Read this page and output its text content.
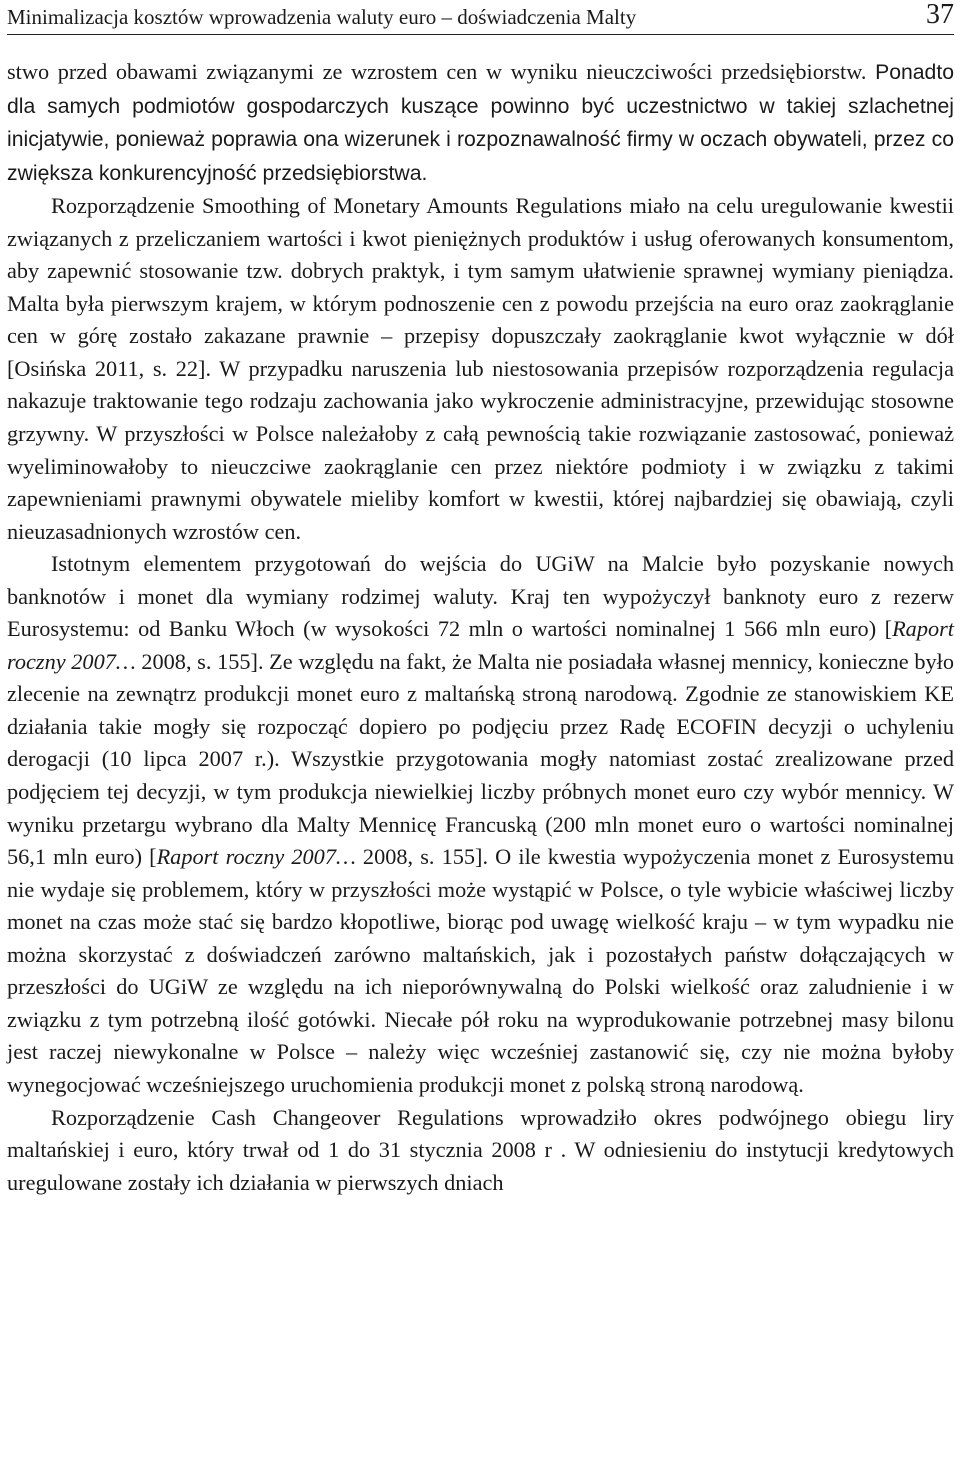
Minimalizacja kosztów wprowadzenia waluty euro – doświadczenia Malty	37

stwo przed obawami związanymi ze wzrostem cen w wyniku nieuczciwości przedsiębiorstw. Ponadto dla samych podmiotów gospodarczych kuszące powinno być uczestnictwo w takiej szlachetnej inicjatywie, ponieważ poprawia ona wizerunek i rozpoznawalność firmy w oczach obywateli, przez co zwiększa konkurencyjność przedsiębiorstwa.

Rozporządzenie Smoothing of Monetary Amounts Regulations miało na celu uregulowanie kwestii związanych z przeliczaniem wartości i kwot pieniężnych produktów i usług oferowanych konsumentom, aby zapewnić stosowanie tzw. dobrych praktyk, i tym samym ułatwienie sprawnej wymiany pieniądza. Malta była pierwszym krajem, w którym podnoszenie cen z powodu przejścia na euro oraz zaokrąglanie cen w górę zostało zakazane prawnie – przepisy dopuszczały zaokrąglanie kwot wyłącznie w dół [Osińska 2011, s. 22]. W przypadku naruszenia lub niestosowania przepisów rozporządzenia regulacja nakazuje traktowanie tego rodzaju zachowania jako wykroczenie administracyjne, przewidując stosowne grzywny. W przyszłości w Polsce należałoby z całą pewnością takie rozwiązanie zastosować, ponieważ wyeliminowałoby to nieuczciwe zaokrąglanie cen przez niektóre podmioty i w związku z takimi zapewnieniami prawnymi obywatele mieliby komfort w kwestii, której najbardziej się obawiają, czyli nieuzasadnionych wzrostów cen.

Istotnym elementem przygotowań do wejścia do UGiW na Malcie było pozyskanie nowych banknotów i monet dla wymiany rodzimej waluty. Kraj ten wypożyczył banknoty euro z rezerw Eurosystemu: od Banku Włoch (w wysokości 72 mln o wartości nominalnej 1 566 mln euro) [Raport roczny 2007… 2008, s. 155]. Ze względu na fakt, że Malta nie posiadała własnej mennicy, konieczne było zlecenie na zewnątrz produkcji monet euro z maltańską stroną narodową. Zgodnie ze stanowiskiem KE działania takie mogły się rozpocząć dopiero po podjęciu przez Radę ECOFIN decyzji o uchyleniu derogacji (10 lipca 2007 r.). Wszystkie przygotowania mogły natomiast zostać zrealizowane przed podjęciem tej decyzji, w tym produkcja niewielkiej liczby próbnych monet euro czy wybór mennicy. W wyniku przetargu wybrano dla Malty Mennicę Francuską (200 mln monet euro o wartości nominalnej 56,1 mln euro) [Raport roczny 2007… 2008, s. 155]. O ile kwestia wypożyczenia monet z Eurosystemu nie wydaje się problemem, który w przyszłości może wystąpić w Polsce, o tyle wybicie właściwej liczby monet na czas może stać się bardzo kłopotliwe, biorąc pod uwagę wielkość kraju – w tym wypadku nie można skorzystać z doświadczeń zarówno maltańskich, jak i pozostałych państw dołączających w przeszłości do UGiW ze względu na ich nieporównywalną do Polski wielkość oraz zaludnienie i w związku z tym potrzebną ilość gotówki. Niecałe pół roku na wyprodukowanie potrzebnej masy bilonu jest raczej niewykonalne w Polsce – należy więc wcześniej zastanowić się, czy nie można byłoby wynegocjować wcześniejszego uruchomienia produkcji monet z polską stroną narodową.

Rozporządzenie Cash Changeover Regulations wprowadziło okres podwójnego obiegu liry maltańskiej i euro, który trwał od 1 do 31 stycznia 2008 r . W odniesieniu do instytucji kredytowych uregulowane zostały ich działania w pierwszych dniach
